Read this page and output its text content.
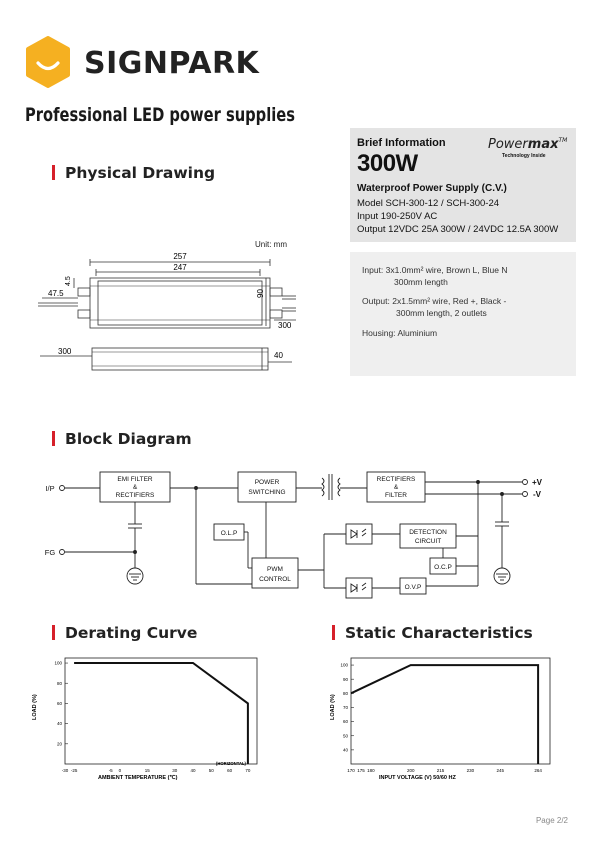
SIGNPARK
Professional LED power supplies
Physical Drawing
Brief Information	Powermax™
Technology Inside
300W
Waterproof Power Supply (C.V.)
Model SCH-300-12 / SCH-300-24
Input 190-250V AC
Output 12VDC 25A 300W / 24VDC 12.5A 300W
Input: 3x1.0mm² wire, Brown L, Blue N
300mm length
Output: 2x1.5mm² wire, Red +, Black -
300mm length, 2 outlets
Housing: Aluminium
Unit: mm
257
247
4.5
47.5	90
300
300	40
Block Diagram
I/P
FG
EMI FILTER
&
RECTIFIERS
POWER
SWITCHING
RECTIFIERS
&
FILTER
O.L.P
PWM
CONTROL
DETECTION
CIRCUIT
O.C.P
O.V.P
+V
-V
Derating Curve	Static Characteristics
LOAD (%)
AMBIENT TEMPERATURE (℃)
(HORIZONTAL)
-30 -25	-5 0	15	30	40	50	60	70
100
80
60
40
20
LOAD (%)
INPUT VOLTAGE (V) 50/60 HZ
170 175 180	200	215	230	245	264
100
90
80
70
60
50
40
Page 2/2
